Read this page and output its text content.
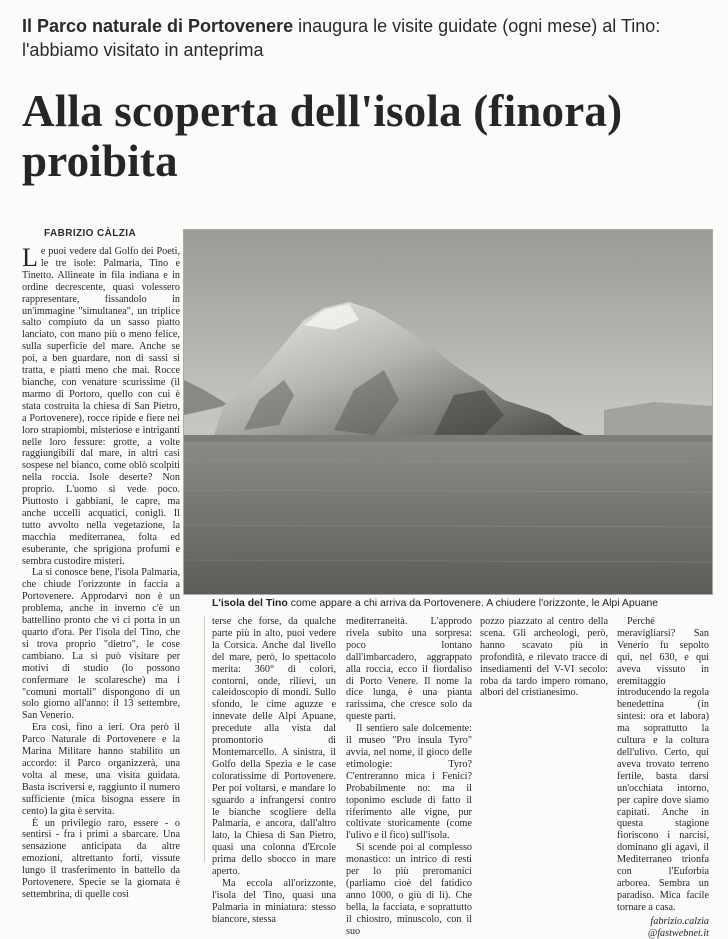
Il Parco naturale di Portovenere inaugura le visite guidate (ogni mese) al Tino:
l'abbiamo visitato in anteprima
Alla scoperta dell'isola (finora)
proibita
FABRIZIO CÀLZIA
L'isola del Tino come appare a chi arriva da Portovenere. A chiudere l'orizzonte, le Alpi Apuane

Le puoi vedere dal Golfo dei Poeti, le tre isole: Palmaria, Tino e Tinetto. Allineate in fila indiana e in ordine decrescente, quasi volessero rappresentare, fissandolo in un'immagine "simultanea", un triplice salto compiuto da un sasso piatto lanciato, con mano più o meno felice, sulla superficie del mare. Anche se poi, a ben guardare, non di sassi si tratta, e piatti meno che mai. Rocce bianche, con venature scurissime (il marmo di Portoro, quello con cui è stata costruita la chiesa di San Pietro, a Portovenere), rocce ripide e fiere nei loro strapiombi, misteriose e intriganti nelle loro fessure: grotte, a volte raggiungibili dal mare, in altri casi sospese nel bianco, come oblò scolpiti nella roccia. Isole deserte? Non proprio. L'uomo si vede poco. Piuttosto i gabbiani, le capre, ma anche uccelli acquatici, conigli. Il tutto avvolto nella vegetazione, la macchia mediterranea, folta ed esuberante, che sprigiona profumi e sembra custodire misteri.

La si conosce bene, l'isola Palmaria, che chiude l'orizzonte in faccia a Portovenere. Approdarvi non è un problema, anche in inverno c'è un battellino pronto che vi ci porta in un quarto d'ora. Per l'isola del Tino, che si trova proprio "dietro", le cose cambiano. La si può visitare per motivi di studio (lo possono confermare le scolaresche) ma i "comuni mortali" dispongono di un solo giorno all'anno: il 13 settembre, San Venerio.

Era così, fino a ieri. Ora però il Parco Naturale di Portovenere e la Marina Militare hanno stabilito un accordo: il Parco organizzerà, una volta al mese, una visita guidata. Basta iscriversi e, raggiunto il numero sufficiente (mica bisogna essere in cento) la gita è servita.

È un privilegio raro, essere - o sentirsi - fra i primi a sbarcare. Una sensazione anticipata da altre emozioni, altrettanto forti, vissute lungo il trasferimento in battello da Portovenere. Specie se la giornata è settembrina, di quelle così

terse che forse, da qualche parte più in alto, puoi vedere la Corsica. Anche dal livello del mare, però, lo spettacolo merita: 360° di colori, contorni, onde, rilievi, un caleidoscopio di mondi. Sullo sfondo, le cime aguzze e innevate delle Alpi Apuane, precedute alla vista dal promontorio di Montemarcello. A sinistra, il Golfo della Spezia e le case coloratissime di Portovenere. Per poi voltarsi, e mandare lo sguardo a infrangersi contro le bianche scogliere della Palmaria, e ancora, dall'altro lato, la Chiesa di San Pietro, quasi una colonna d'Ercole prima dello sbocco in mare aperto.

Ma eccola all'orizzonte, l'isola del Tino, quasi una Palmaria in miniatura: stesso biancore, stessa

mediterraneità. L'approdo rivela subito una sorpresa: poco lontano dall'imbarcadero, aggrappato alla roccia, ecco il fiordaliso di Porto Venere. Il nome la dice lunga, è una pianta rarissima, che cresce solo da queste parti.

Il sentiero sale dolcemente: il museo "Pro insula Tyro" avvia, nel nome, il gioco delle etimologie: Tyro? C'entreranno mica i Fenici? Probabilmente no: ma il toponimo esclude di fatto il riferimento alle vigne, pur coltivate storicamente (come l'ulivo e il fico) sull'isola.

Si scende poi al complesso monastico: un intrico di resti per lo più preromanici (parliamo cioè del fatidico anno 1000, o giù di lì). Che bella, la facciata, e soprattutto il chiostro, minuscolo, con il suo

pozzo piazzato al centro della scena. Gli archeologi, però, hanno scavato più in profondità, e rilevato tracce di insediamenti del V-VI secolo: roba da tardo impero romano, albori del cristianesimo.

Perché meravigliarsi? San Venerio fu sepolto qui, nel 630, e qui aveva vissuto in eremitaggio introducendo la regola benedettina (in sintesi: ora et labora) ma soprattutto la cultura e la coltura dell'ulivo. Certo, qui aveva trovato terreno fertile, basta darsi un'occhiata intorno, per capire dove siamo capitati. Anche in questa stagione fioriscono i narcisi, dominano gli agavi, il Mediterraneo trionfa con l'Euforbia arborea. Sembra un paradiso. Mica facile tornare a casa.

fabrizio.calzia @fastwebnet.it
